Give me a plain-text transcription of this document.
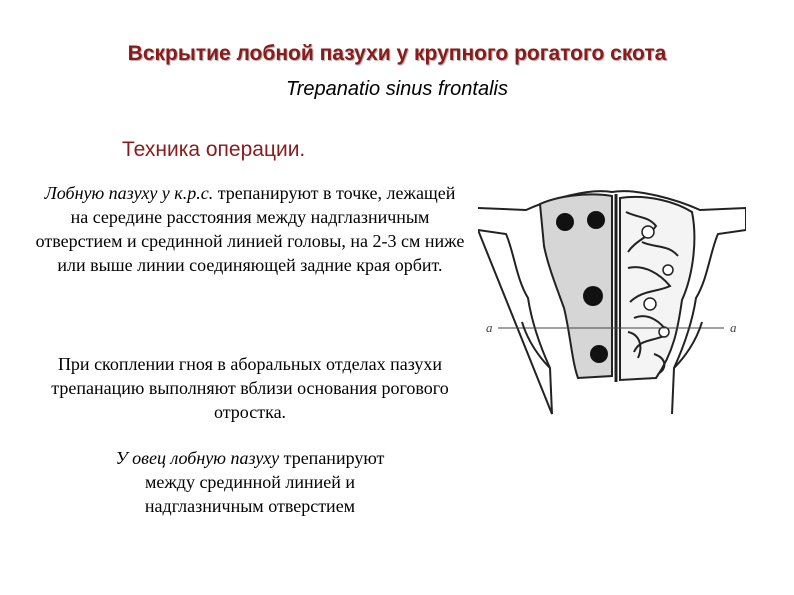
Вскрытие лобной пазухи у крупного рогатого скота
Trepanatio sinus frontalis
Техника операции.
Лобную пазуху у к.р.с. трепанируют в точке, лежащей на середине расстояния между надглазничным отверстием и срединной линией головы, на 2-3 см ниже или выше линии соединяющей задние края орбит.
При скоплении гноя в аборальных отделах пазухи трепанацию выполняют вблизи основания рогового отростка.
У овец лобную пазуху трепанируют
между срединной линией и
надглазничным отверстием
а	а
